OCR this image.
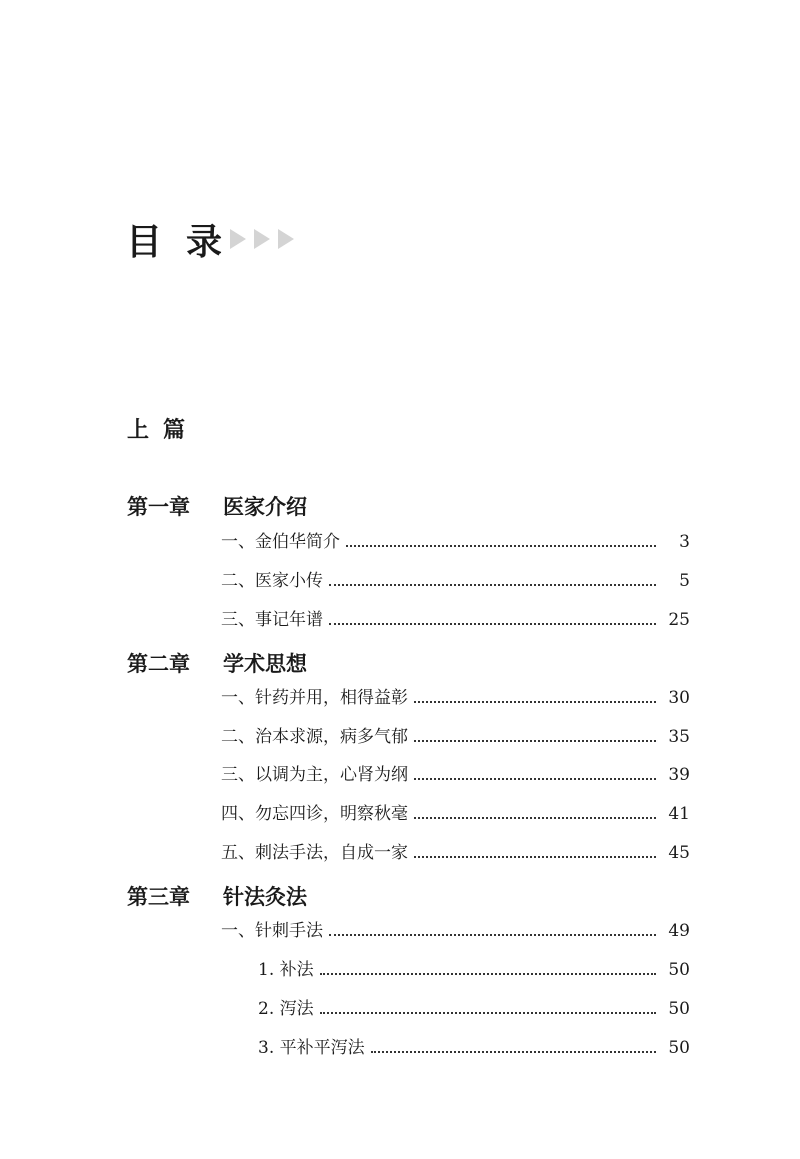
目录
上篇
第一章 医家介绍
一、金伯华简介	3
二、医家小传	5
三、事记年谱	25
第二章 学术思想
一、针药并用，相得益彰	30
二、治本求源，病多气郁	35
三、以调为主，心肾为纲	39
四、勿忘四诊，明察秋毫	41
五、刺法手法，自成一家	45
第三章 针法灸法
一、针刺手法	49
1. 补法	50
2. 泻法	50
3. 平补平泻法	50
